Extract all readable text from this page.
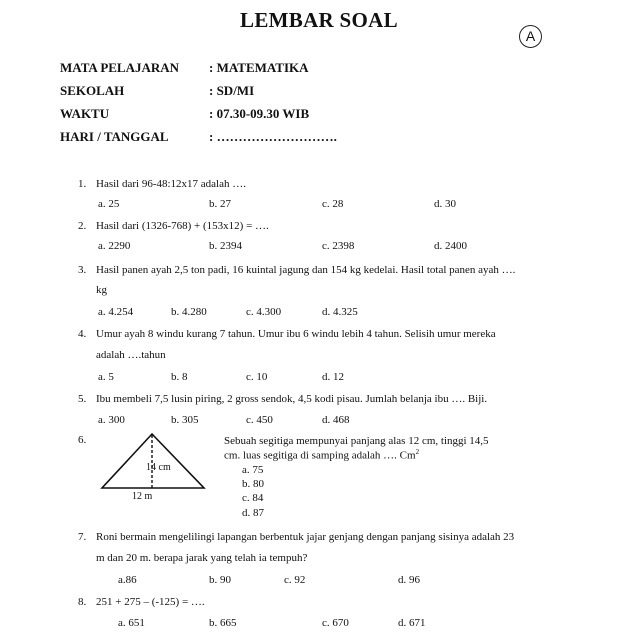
LEMBAR SOAL
A
MATA PELAJARAN : MATEMATIKA
SEKOLAH	: SD/MI
WAKTU	: 07.30-09.30 WIB
HARI / TANGGAL	: ……………………….
1. Hasil dari 96-48:12x17 adalah ….
a. 25	b. 27	c. 28	d. 30
2. Hasil dari (1326-768) + (153x12) = ….
a. 2290	b. 2394	c. 2398	d. 2400
3. Hasil panen ayah 2,5 ton padi, 16 kuintal jagung dan 154 kg kedelai. Hasil total panen ayah ….
kg
a. 4.254	b. 4.280	c. 4.300	d. 4.325
4. Umur ayah 8 windu kurang 7 tahun. Umur ibu 6 windu lebih 4 tahun. Selisih umur mereka
adalah ….tahun
a. 5	b. 8	c. 10	d. 12
5. Ibu membeli 7,5 lusin piring, 2 gross sendok, 4,5 kodi pisau. Jumlah belanja ibu …. Biji.
a. 300	b. 305	c. 450	d. 468
6.
14 cm
12 m
Sebuah segitiga mempunyai panjang alas 12 cm, tinggi 14,5
cm. luas segitiga di samping adalah …. Cm$^2$
a. 75
b. 80
c. 84
d. 87
7. Roni bermain mengelilingi lapangan berbentuk jajar genjang dengan panjang sisinya adalah 23
m dan 20 m. berapa jarak yang telah ia tempuh?
a.86	b. 90	c. 92	d. 96
8. 251 + 275 – (-125) = ….
a. 651	b. 665	c. 670	d. 671
